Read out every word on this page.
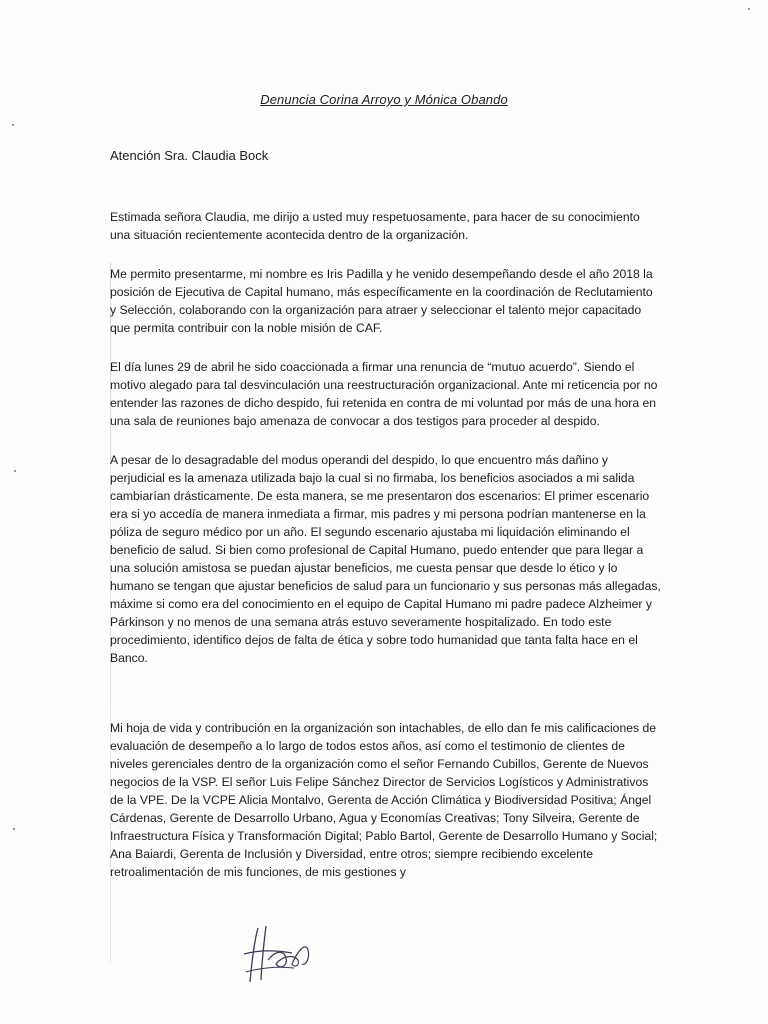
Denuncia Corina Arroyo y Mónica Obando
Atención Sra. Claudia Bock

Estimada señora Claudia, me dirijo a usted muy respetuosamente, para hacer de su conocimiento una situación recientemente acontecida dentro de la organización.

Me permito presentarme, mi nombre es Iris Padilla y he venido desempeñando desde el año 2018 la posición de Ejecutiva de Capital humano, más específicamente en la coordinación de Reclutamiento y Selección, colaborando con la organización para atraer y seleccionar el talento mejor capacitado que permita contribuir con la noble misión de CAF.

El día lunes 29 de abril he sido coaccionada a firmar una renuncia de “mutuo acuerdo”. Siendo el motivo alegado para tal desvinculación una reestructuración organizacional. Ante mi reticencia por no entender las razones de dicho despido, fui retenida en contra de mi voluntad por más de una hora en una sala de reuniones bajo amenaza de convocar a dos testigos para proceder al despido.

A pesar de lo desagradable del modus operandi del despido, lo que encuentro más dañino y perjudicial es la amenaza utilizada bajo la cual si no firmaba, los beneficios asociados a mi salida cambiarían drásticamente. De esta manera, se me presentaron dos escenarios: El primer escenario era si yo accedía de manera inmediata a firmar, mis padres y mi persona podrían mantenerse en la póliza de seguro médico por un año. El segundo escenario ajustaba mi liquidación eliminando el beneficio de salud. Si bien como profesional de Capital Humano, puedo entender que para llegar a una solución amistosa se puedan ajustar beneficios, me cuesta pensar que desde lo ético y lo humano se tengan que ajustar beneficios de salud para un funcionario y sus personas más allegadas, máxime si como era del conocimiento en el equipo de Capital Humano mi padre padece Alzheimer y Párkinson y no menos de una semana atrás estuvo severamente hospitalizado. En todo este procedimiento, identifico dejos de falta de ética y sobre todo humanidad que tanta falta hace en el Banco.

Mi hoja de vida y contribución en la organización son intachables, de ello dan fe mis calificaciones de evaluación de desempeño a lo largo de todos estos años, así como el testimonio de clientes de niveles gerenciales dentro de la organización como el señor Fernando Cubillos, Gerente de Nuevos negocios de la VSP. El señor Luis Felipe Sánchez Director de Servicios Logísticos y Administrativos de la VPE. De la VCPE Alicia Montalvo, Gerenta de Acción Climática y Biodiversidad Positiva; Ángel Cárdenas, Gerente de Desarrollo Urbano, Agua y Economías Creativas; Tony Silveira, Gerente de Infraestructura Física y Transformación Digital; Pablo Bartol, Gerente de Desarrollo Humano y Social; Ana Baiardi, Gerenta de Inclusión y Diversidad, entre otros; siempre recibiendo excelente retroalimentación de mis funciones, de mis gestiones y
